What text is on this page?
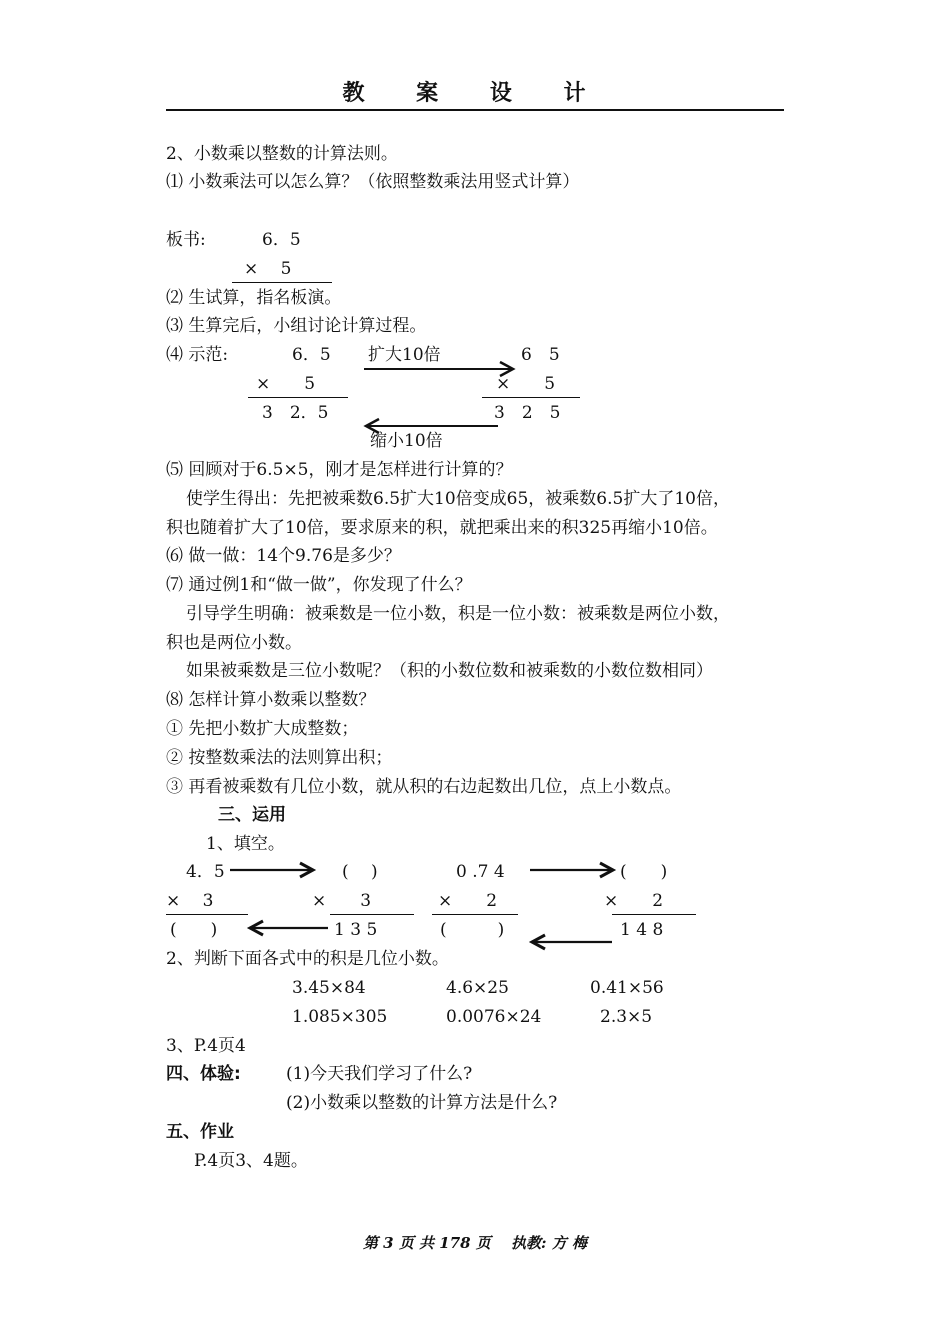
教 案 设 计
2、小数乘以整数的计算法则。
⑴ 小数乘法可以怎么算？（依照整数乘法用竖式计算）
板书:	6．5
×　 5
⑵ 生试算，指名板演。
⑶ 生算完后，小组讨论计算过程。
⑷ 示范:	6．5
×　　5
3　2．5
扩大10倍	6　5
×　　5
3　2　5
缩小10倍
⑸ 回顾对于6.5×5，刚才是怎样进行计算的？
使学生得出：先把被乘数6.5扩大10倍变成65，被乘数6.5扩大了10倍，
积也随着扩大了10倍，要求原来的积，就把乘出来的积325再缩小10倍。
⑹ 做一做：14个9.76是多少？
⑺ 通过例1和“做一做”，你发现了什么？
引导学生明确：被乘数是一位小数，积是一位小数：被乘数是两位小数，
积也是两位小数。
如果被乘数是三位小数呢？（积的小数位数和被乘数的小数位数相同）
⑻ 怎样计算小数乘以整数？
① 先把小数扩大成整数；
② 按整数乘法的法则算出积；
③ 再看被乘数有几位小数，就从积的右边起数出几位，点上小数点。
三、运用
1、填空。
4．5	(　 )	0 .7 4	(　　)
×　 3	×　　3	×　　2	×　　2
(　　)	1 3 5	(　　　)	1 4 8
2、判断下面各式中的积是几位小数。
3.45×84	4.6×25	0.41×56
1.085×305	0.0076×24	2.3×5
3、P.4页4
四、体验:	(1)今天我们学习了什么?
(2)小数乘以整数的计算方法是什么?
五、作业
P.4页3、4题。
第 3 页 共 178 页　 执教: 方 梅
